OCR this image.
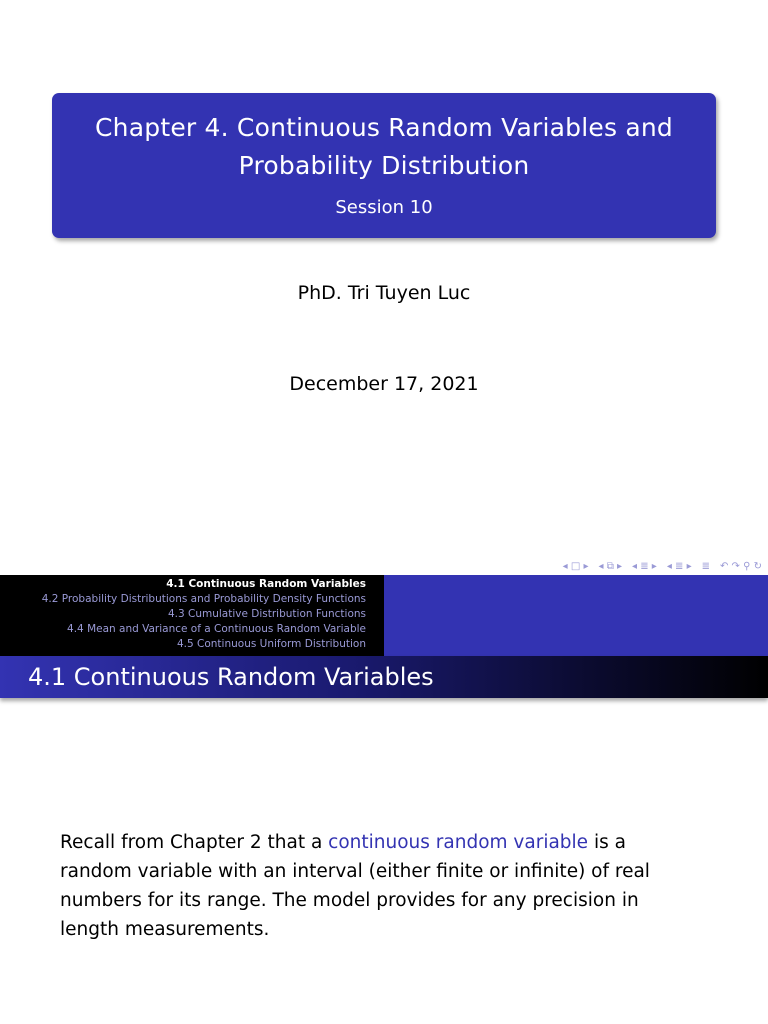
Chapter 4. Continuous Random Variables and
Probability Distribution
Session 10
PhD. Tri Tuyen Luc
December 17, 2021
◂ □ ▸ ◂ ⧉ ▸ ◂ ≣ ▸ ◂ ≣ ▸ ≣ ↶ ↷ ⚲ ↻
4.1 Continuous Random Variables
4.2 Probability Distributions and Probability Density Functions
4.3 Cumulative Distribution Functions
4.4 Mean and Variance of a Continuous Random Variable
4.5 Continuous Uniform Distribution
4.1 Continuous Random Variables
Recall from Chapter 2 that a continuous random variable is a random variable with an interval (either finite or infinite) of real numbers for its range. The model provides for any precision in length measurements.
